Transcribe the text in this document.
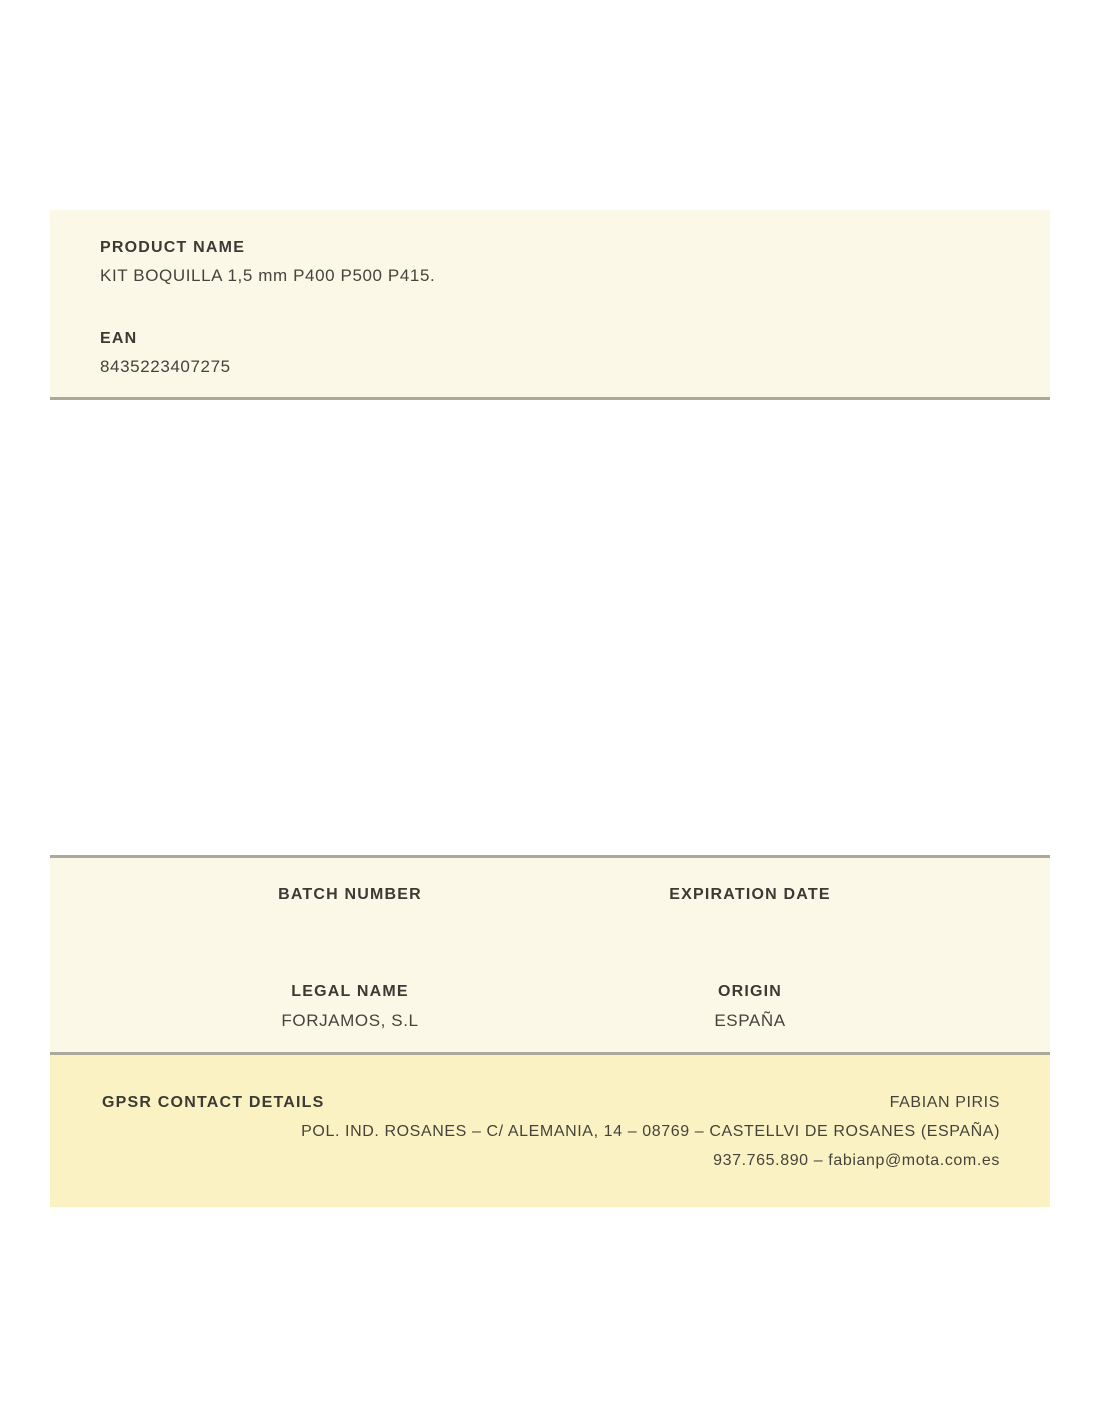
PRODUCT NAME
KIT BOQUILLA 1,5 mm P400 P500 P415.
EAN
8435223407275
BATCH NUMBER	EXPIRATION DATE
LEGAL NAME
FORJAMOS, S.L
ORIGIN
ESPAÑA
GPSR CONTACT DETAILS	FABIAN PIRIS
POL. IND. ROSANES – C/ ALEMANIA, 14 – 08769 – CASTELLVI DE ROSANES (ESPAÑA)
937.765.890 – fabianp@mota.com.es
